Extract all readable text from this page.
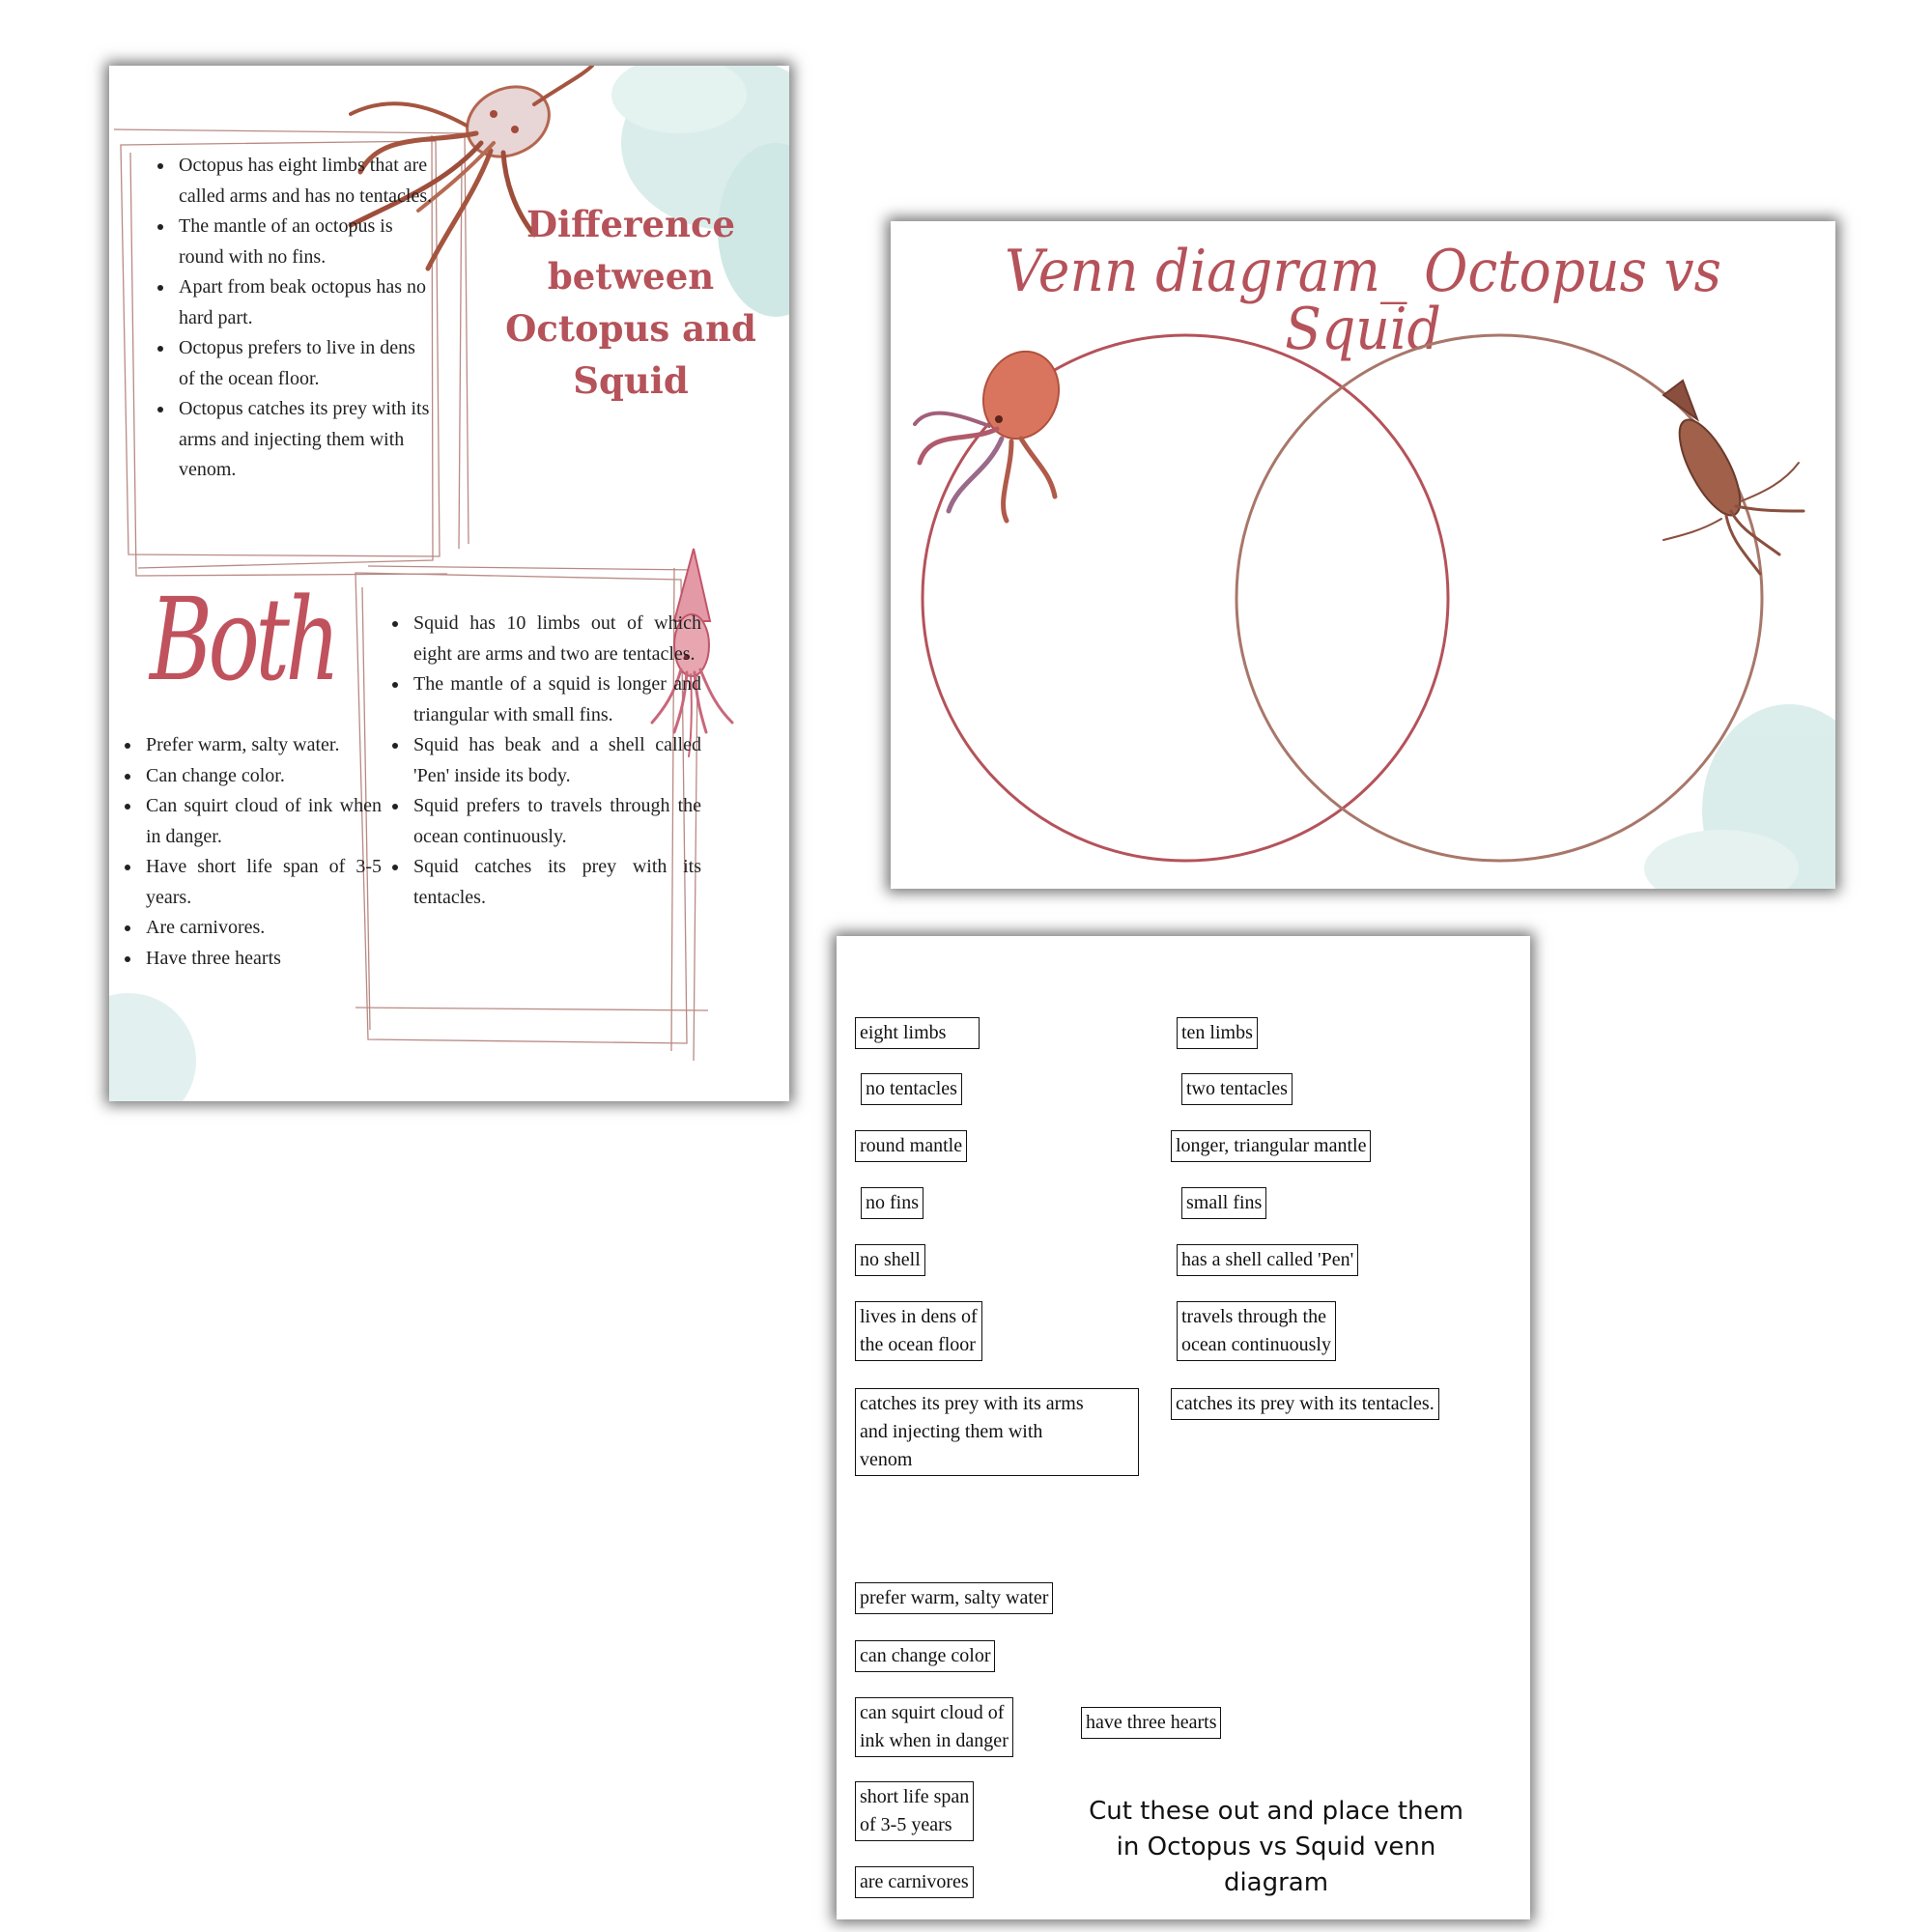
Difference
between
Octopus and
Squid
• Octopus has eight limbs that are called arms and has no tentacles.
• The mantle of an octopus is round with no fins.
• Apart from beak octopus has no hard part.
• Octopus prefers to live in dens of the ocean floor.
• Octopus catches its prey with its arms and injecting them with venom.
Both
• Prefer warm, salty water.
• Can change color.
• Can squirt cloud of ink when in danger.
• Have short life span of 3-5 years.
• Are carnivores.
• Have three hearts
• Squid has 10 limbs out of which eight are arms and two are tentacles.
• The mantle of a squid is longer and triangular with small fins.
• Squid has beak and a shell called 'Pen' inside its body.
• Squid prefers to travels through the ocean continuously.
• Squid catches its prey with its tentacles.
Venn diagram_ Octopus vs Squid
eight limbs
no tentacles
round mantle
no fins
no shell
lives in dens of
the ocean floor
catches its prey with its arms
and injecting them with
venom
ten limbs
two tentacles
longer, triangular mantle
small fins
has a shell called 'Pen'
travels through the
ocean continuously
catches its prey with its tentacles.
prefer warm, salty water
can change color
can squirt cloud of
ink when in danger
have three hearts
short life span
of 3-5 years
are carnivores
Cut these out and place them in Octopus vs Squid venn diagram
